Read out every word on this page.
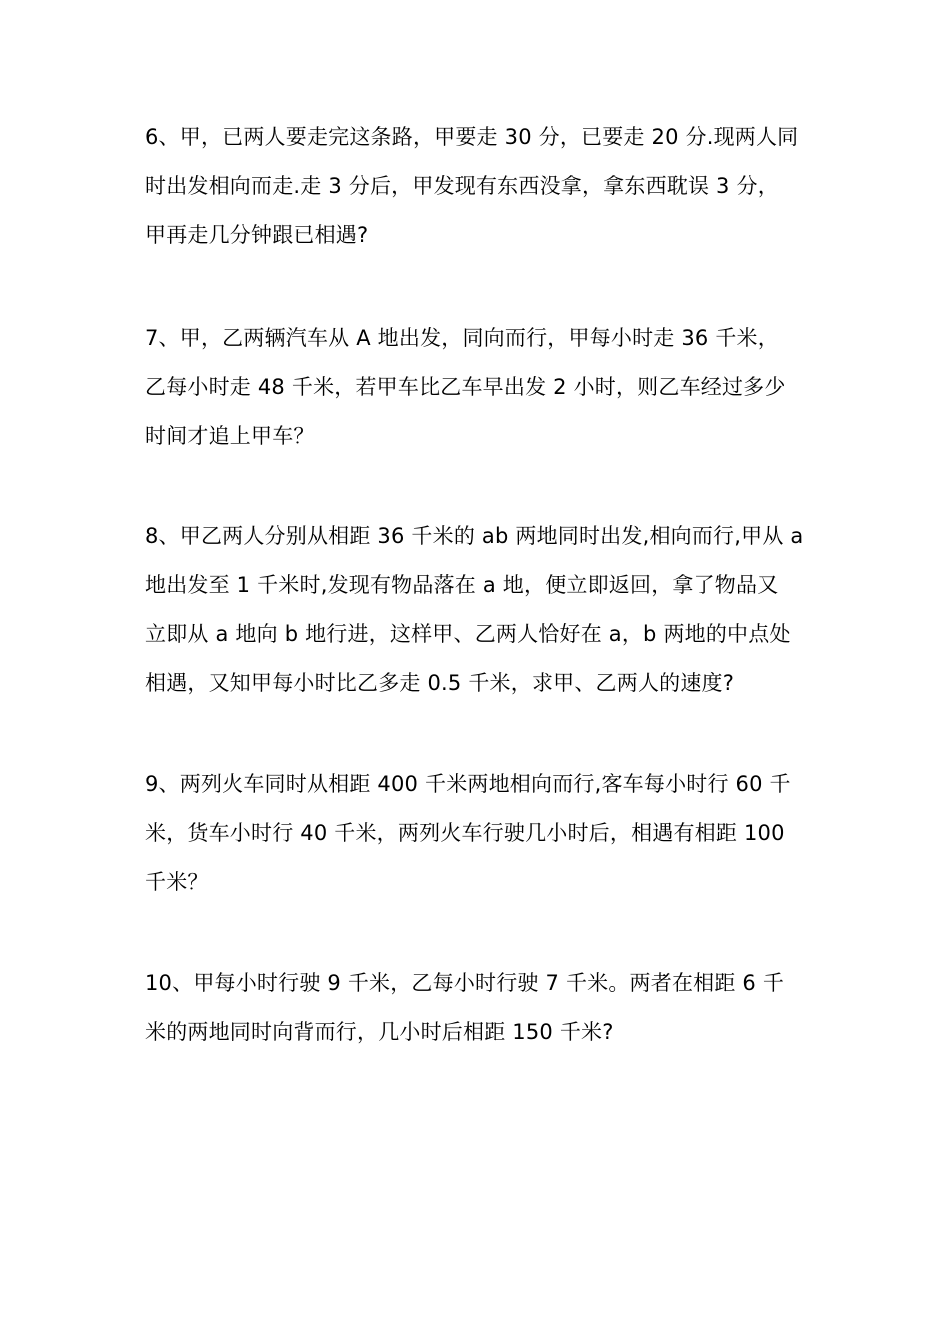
6、甲，已两人要走完这条路，甲要走 30 分，已要走 20 分.现两人同
时出发相向而走.走 3 分后，甲发现有东西没拿，拿东西耽误 3 分，
甲再走几分钟跟已相遇?
7、甲，乙两辆汽车从 A 地出发，同向而行，甲每小时走 36 千米，
乙每小时走 48 千米，若甲车比乙车早出发 2 小时，则乙车经过多少
时间才追上甲车？
8、甲乙两人分别从相距 36 千米的 ab 两地同时出发,相向而行,甲从 a
地出发至 1 千米时,发现有物品落在 a 地，便立即返回，拿了物品又
立即从 a 地向 b 地行进，这样甲、乙两人恰好在 a，b 两地的中点处
相遇，又知甲每小时比乙多走 0.5 千米，求甲、乙两人的速度?
9、两列火车同时从相距 400 千米两地相向而行,客车每小时行 60 千
米，货车小时行 40 千米，两列火车行驶几小时后，相遇有相距 100
千米？
10、甲每小时行驶 9 千米，乙每小时行驶 7 千米。两者在相距 6 千
米的两地同时向背而行，几小时后相距 150 千米?
